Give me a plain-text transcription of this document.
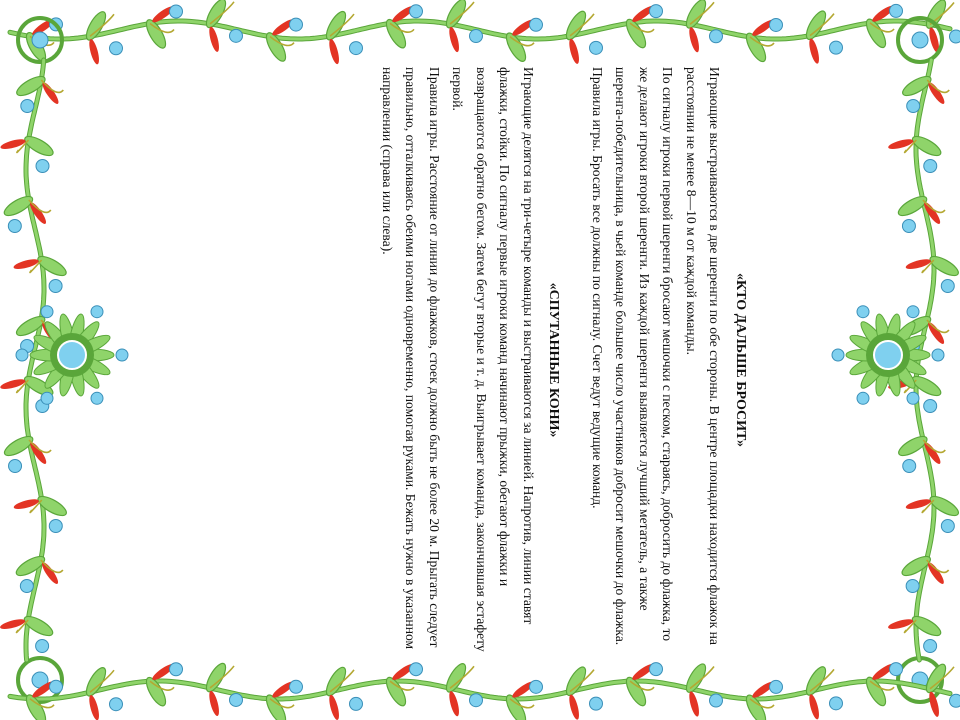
«КТО ДАЛЬШЕ БРОСИТ»

Играющие выстраиваются в две шеренги по обе стороны. В центре площадки находится флажок на расстоянии не менее 8—10 м от каждой команды.

По сигналу игроки первой шеренги бросают мешочки с песком, стараясь, добросить до флажка, то же делают игроки второй шеренги. Из каждой шеренги выявляется лучший метатель, а также шеренга-победительница, в чьей команде большее число участников добросит мешочки до флажка.

Правила игры. Бросать все должны по сигналу. Счет ведут ведущие команд.

«СПУТАННЫЕ КОНИ»

Играющие делятся на три-четыре команды и выстраиваются за линией. Напротив, линии ставят флажки, стойки. По сигналу первые игроки команд начинают прыжки, обегают флажки и возвращаются обратно бегом. Затем бегут вторые и т. д. Выигрывает команда, закончившая эстафету первой.

Правила игры. Расстояние от линии до флажков, стоек должно быть не более 20 м. Прыгать следует правильно, отталкиваясь обеими ногами одновременно, помогая руками. Бежать нужно в указанном направлении (справа или слева).
